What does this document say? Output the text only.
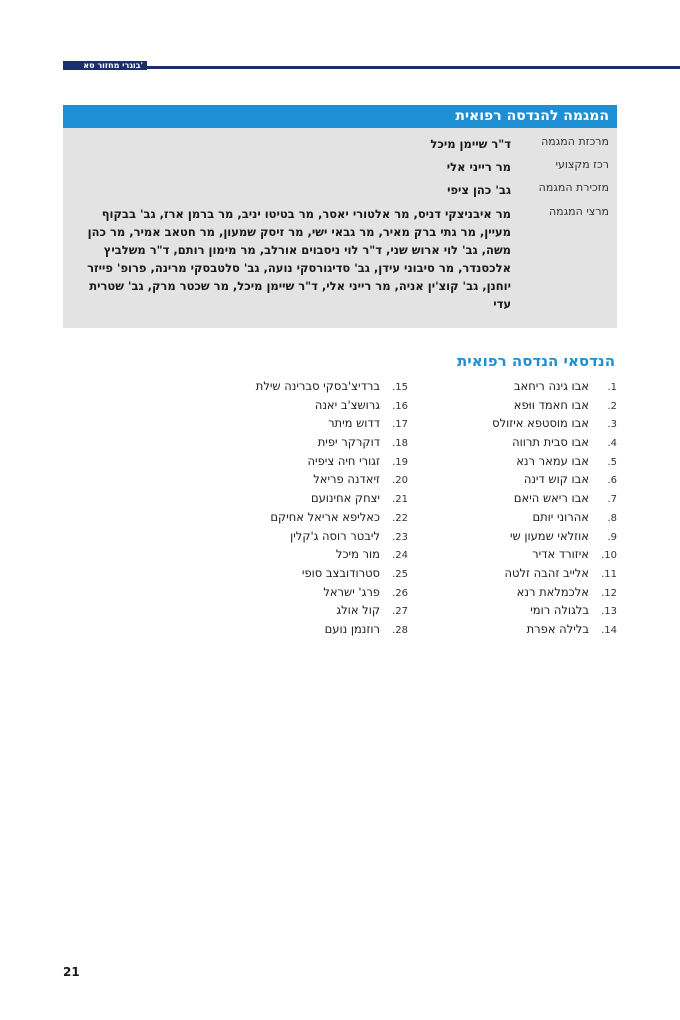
בוגרי מחזור סא'
המגמה להנדסה רפואית
מרכזת המגמה
ד"ר שיימן מיכל
רכז מקצועי
מר רייני אלי
מזכירת המגמה
גב' כהן ציפי
מרצי המגמה
מר איבניצקי דניס, מר אלטורי יאסר, מר בטיטו יניב, מר ברמן ארז, גב' בבקוף מעיין, מר גתי ברק מאיר, מר גבאי ישי, מר זיסק שמעון, מר חטאב אמיר, מר כהן משה, גב' לוי ארוש שני, ד"ר לוי ניסבוים אורלב, מר מימון רותם, ד"ר משלביץ אלכסנדר, מר סיבוני עידן, גב' סדיגורסקי נועה, גב' סלטבסקי מרינה, פרופ' פייזר יוחנן, גב' קוצ'ין אניה, מר רייני אלי, ד"ר שיימן מיכל, מר שכטר מרק, גב' שטרית עדי
הנדסאי הנדסה רפואית
1.אבו גינה ריחאב
2.אבו חאמד ווּפא
3.אבו מוסטפא איזולס
4.אבו סבית תרווה
5.אבו עמאר רנא
6.אבו קוש דינה
7.אבו ריאש היאם
8.אהרוני יותם
9.אוזלאי שמעון שי
10.איזורד אדיר
11.אלייב זהבה זלטה
12.אלכמלאת רנא
13.בלגולה רומי
14.בלילה אפרת
15.ברדיצ'בסקי סברינה שילת
16.גרושצ'ב יאנה
17.דדוש מיתר
18.דוקרקר יפית
19.זגורי חיה ציפיה
20.זיאדנה פריאל
21.יצחק אחינועם
22.כאליפא אריאל אחיקם
23.ליבטר רוסה ג'קלין
24.מור מיכל
25.סטרודובצב סופי
26.פרג' ישראל
27.קול אולג
28.רוזנמן נועם
21
